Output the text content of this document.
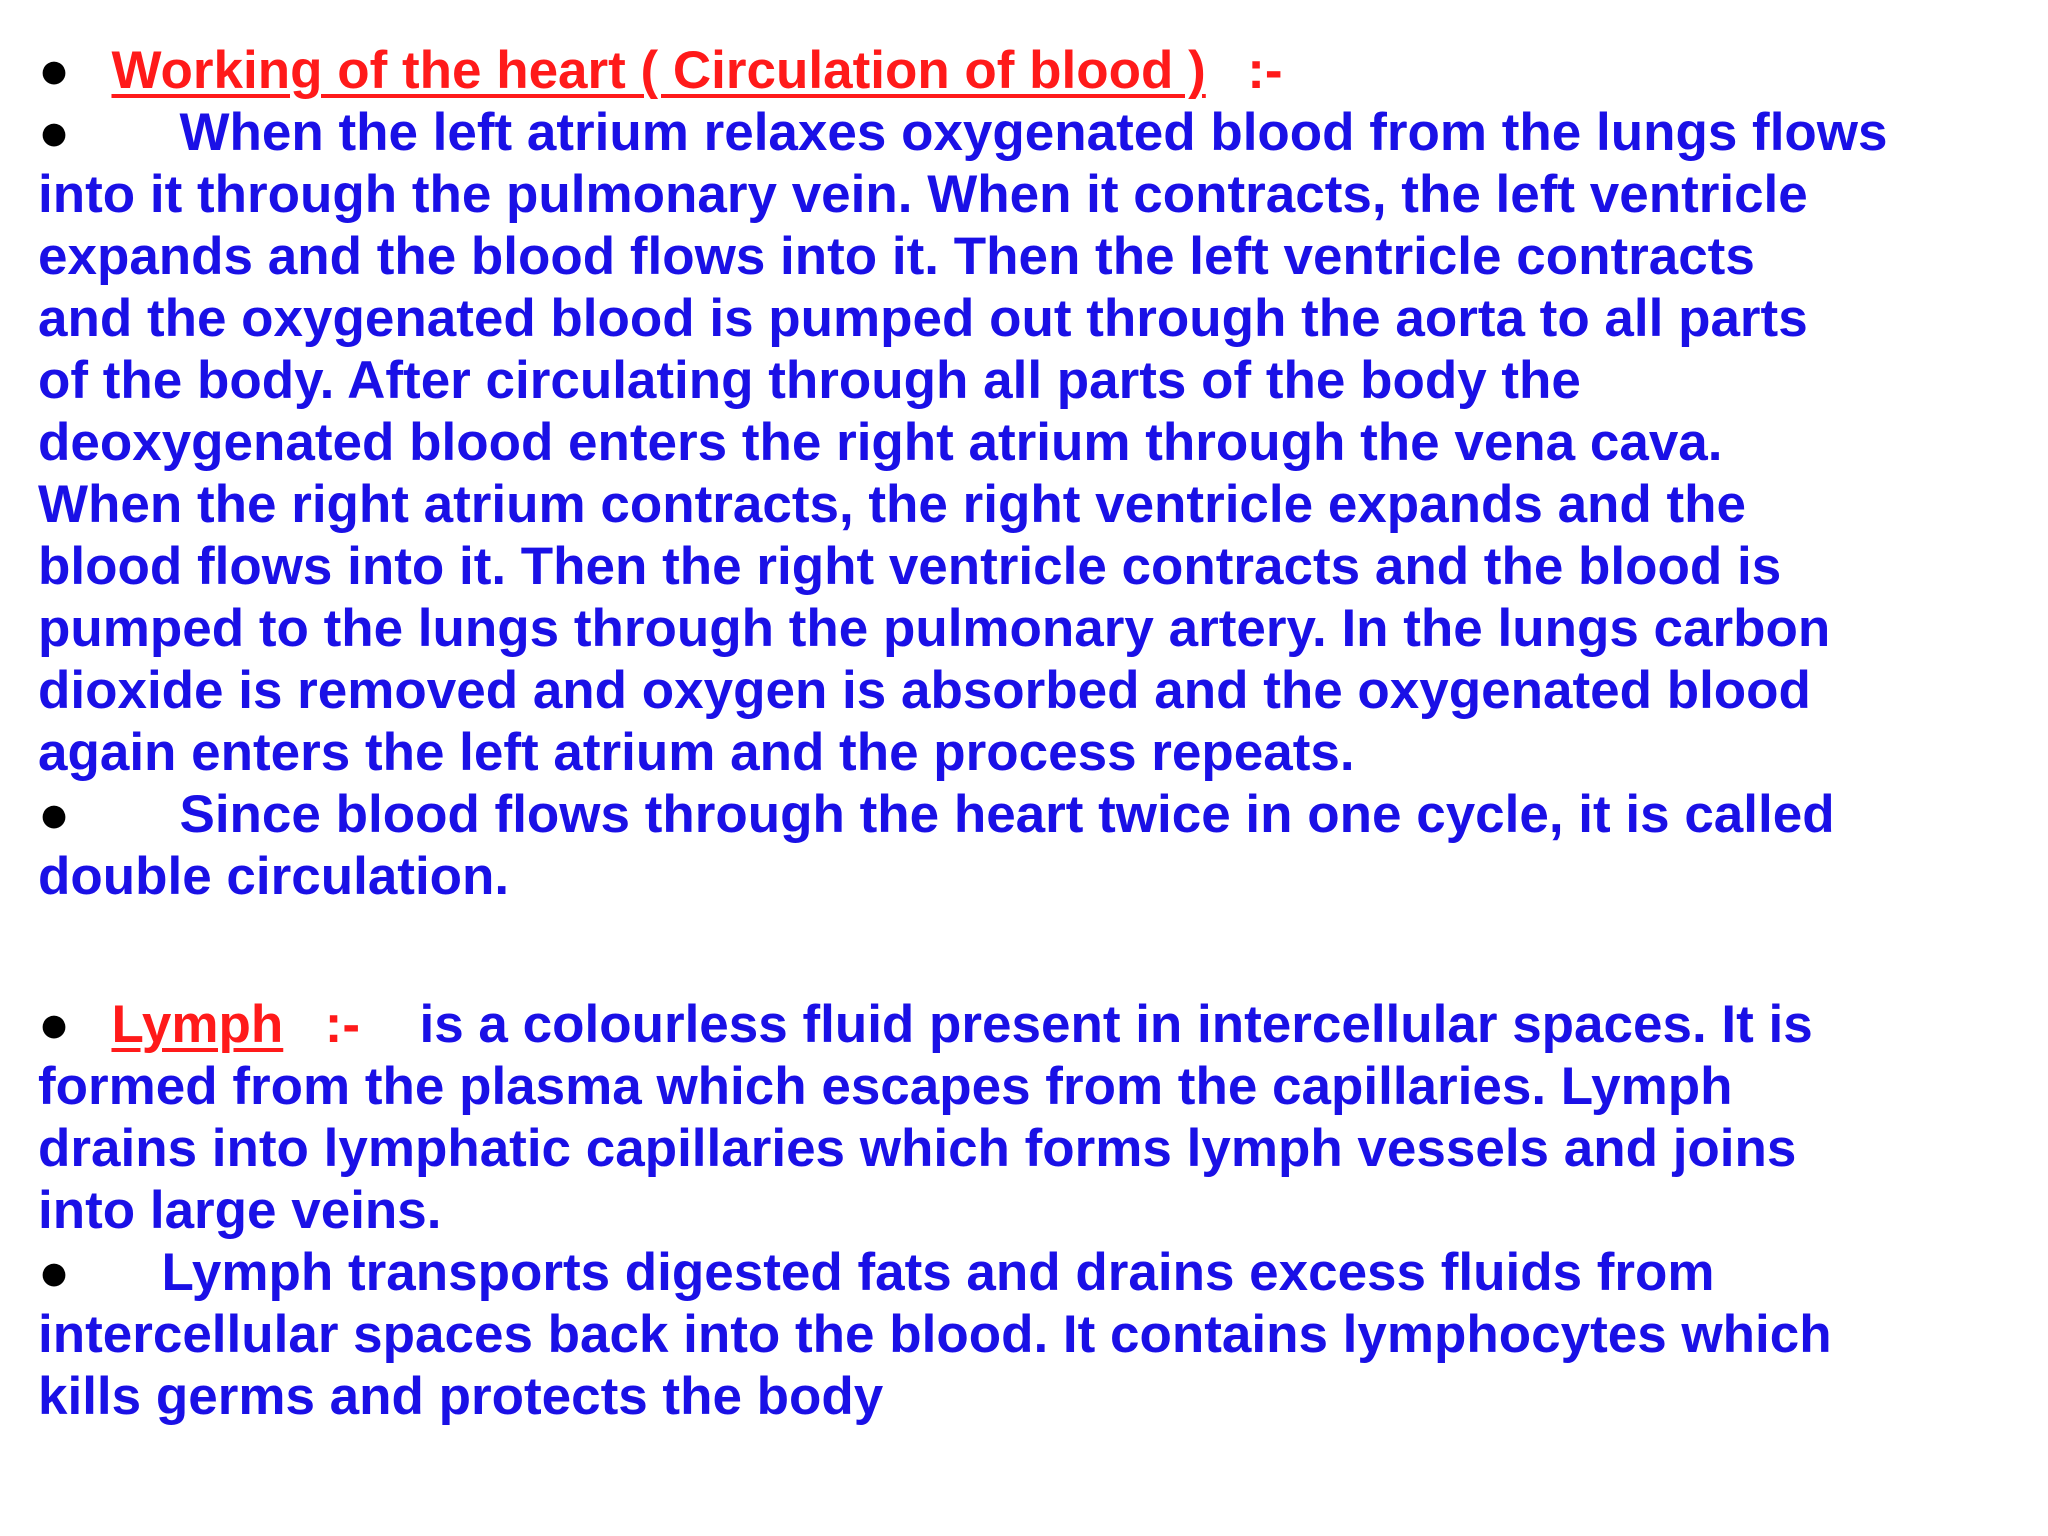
● Working of the heart ( Circulation of blood ) :-
● When the left atrium relaxes oxygenated blood from the lungs flows
into it through the pulmonary vein. When it contracts, the left ventricle
expands and the blood flows into it. Then the left ventricle contracts
and the oxygenated blood is pumped out through the aorta to all parts
of the body. After circulating through all parts of the body the
deoxygenated blood enters the right atrium through the vena cava.
When the right atrium contracts, the right ventricle expands and the
blood flows into it. Then the right ventricle contracts and the blood is
pumped to the lungs through the pulmonary artery. In the lungs carbon
dioxide is removed and oxygen is absorbed and the oxygenated blood
again enters the left atrium and the process repeats.
● Since blood flows through the heart twice in one cycle, it is called
double circulation.
● Lymph :- is a colourless fluid present in intercellular spaces. It is
formed from the plasma which escapes from the capillaries. Lymph
drains into lymphatic capillaries which forms lymph vessels and joins
into large veins.
● Lymph transports digested fats and drains excess fluids from
intercellular spaces back into the blood. It contains lymphocytes which
kills germs and protects the body
